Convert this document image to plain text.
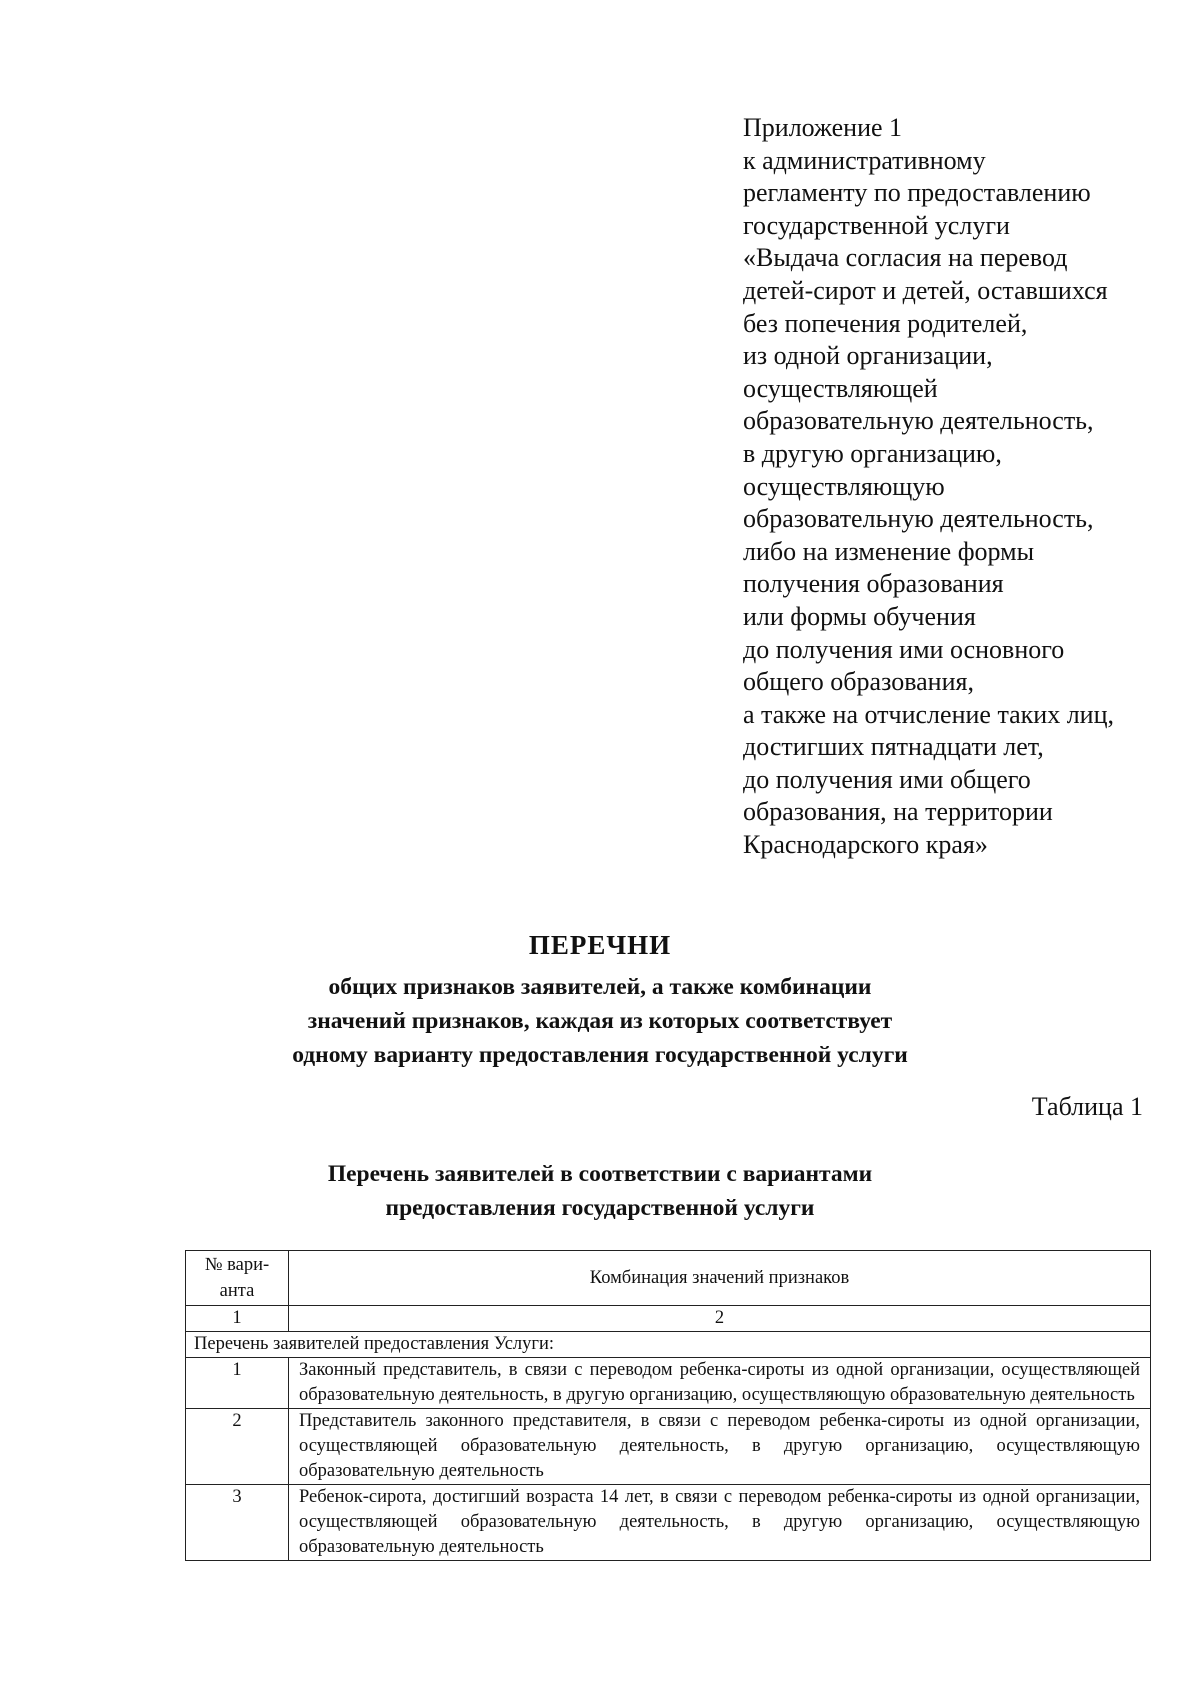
Приложение 1
к административному
регламенту по предоставлению
государственной услуги
«Выдача согласия на перевод
детей-сирот и детей, оставшихся
без попечения родителей,
из одной организации,
осуществляющей
образовательную деятельность,
в другую организацию,
осуществляющую
образовательную деятельность,
либо на изменение формы
получения образования
или формы обучения
до получения ими основного
общего образования,
а также на отчисление таких лиц,
достигших пятнадцати лет,
до получения ими общего
образования, на территории
Краснодарского края»
ПЕРЕЧНИ
общих признаков заявителей, а также комбинации
значений признаков, каждая из которых соответствует
одному варианту предоставления государственной услуги
Таблица 1
Перечень заявителей в соответствии с вариантами
предоставления государственной услуги
№ вари-
анта	Комбинация значений признаков
1	2
Перечень заявителей предоставления Услуги:	
1	Законный представитель, в связи с переводом ребенка-сироты из одной организации, осуществляющей образовательную деятельность, в другую организацию, осуществляющую образовательную деятельность
2	Представитель законного представителя, в связи с переводом ребенка-сироты из одной организации, осуществляющей образовательную деятельность, в другую организацию, осуществляющую образовательную деятельность
3	Ребенок-сирота, достигший возраста 14 лет, в связи с переводом ребенка-сироты из одной организации, осуществляющей образовательную деятельность, в другую организацию, осуществляющую образовательную деятельность
